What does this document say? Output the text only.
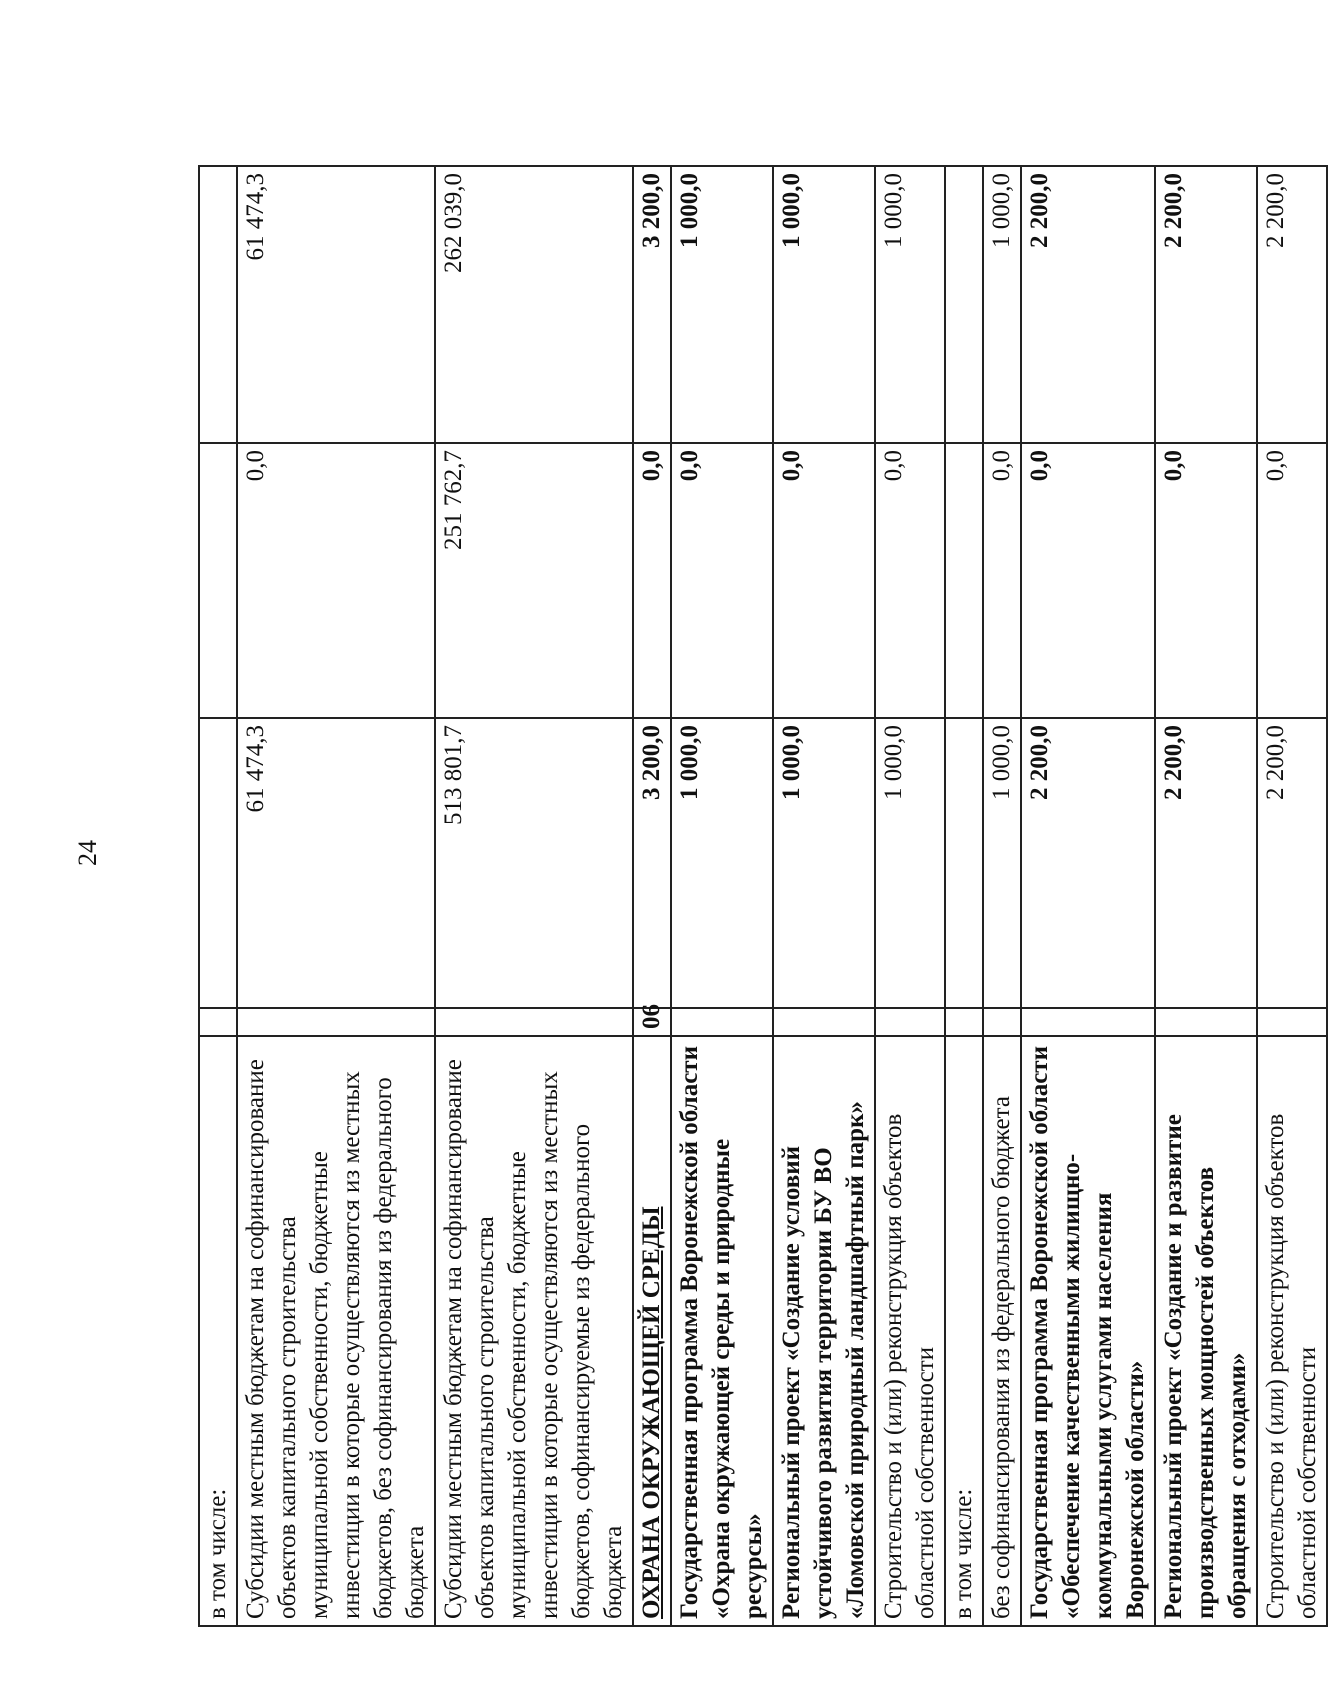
24
в том числе:				
Субсидии местным бюджетам на софинансирование объектов капитального строительства муниципальной собственности, бюджетные инвестиции в которые осуществляются из местных бюджетов, без софинансирования из федерального бюджета		61 474,3	0,0	61 474,3
Субсидии местным бюджетам на софинансирование объектов капитального строительства муниципальной собственности, бюджетные инвестиции в которые осуществляются из местных бюджетов, софинансируемые из федерального бюджета		513 801,7	251 762,7	262 039,0
ОХРАНА ОКРУЖАЮЩЕЙ СРЕДЫ	06	3 200,0	0,0	3 200,0
Государственная программа Воронежской области «Охрана окружающей среды и природные ресурсы»		1 000,0	0,0	1 000,0
Региональный проект «Создание условий устойчивого развития территории БУ ВО «Ломовской природный ландшафтный парк»		1 000,0	0,0	1 000,0
Строительство и (или) реконструкция объектов областной собственности		1 000,0	0,0	1 000,0
в том числе:				
без софинансирования из федерального бюджета		1 000,0	0,0	1 000,0
Государственная программа Воронежской области «Обеспечение качественными жилищно-коммунальными услугами населения Воронежской области»		2 200,0	0,0	2 200,0
Региональный проект «Создание и развитие производственных мощностей объектов обращения с отходами»		2 200,0	0,0	2 200,0
Строительство и (или) реконструкция объектов областной собственности		2 200,0	0,0	2 200,0
